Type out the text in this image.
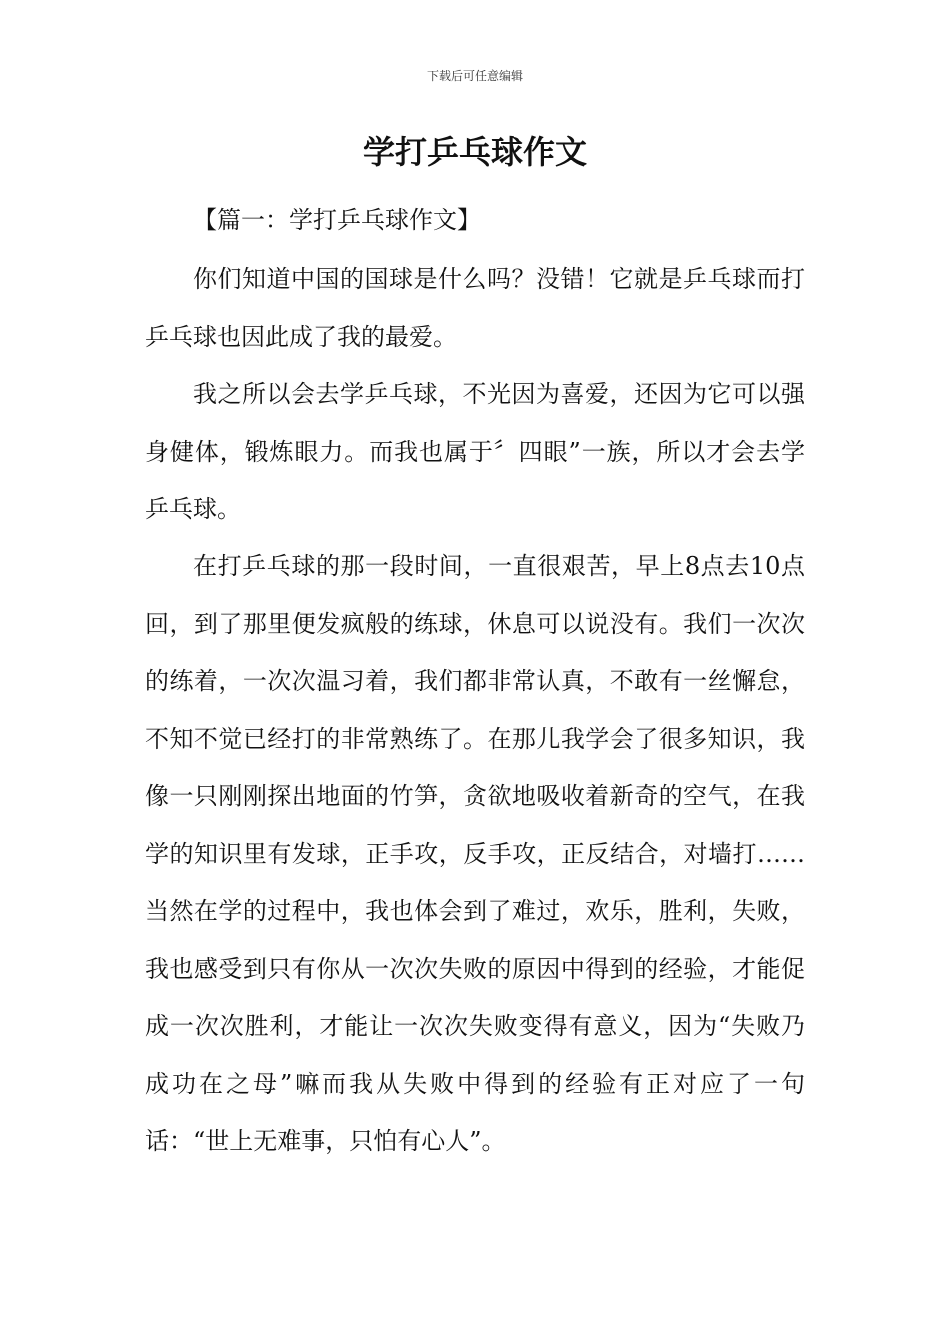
下载后可任意编辑
学打乒乓球作文
【篇一：学打乒乓球作文】

你们知道中国的国球是什么吗？没错！它就是乒乓球而打乒乓球也因此成了我的最爱。

我之所以会去学乒乓球，不光因为喜爱，还因为它可以强身健体，锻炼眼力。而我也属于〞四眼”一族，所以才会去学乒乓球。

在打乒乓球的那一段时间，一直很艰苦，早上8点去10点回，到了那里便发疯般的练球，休息可以说没有。我们一次次的练着，一次次温习着，我们都非常认真，不敢有一丝懈怠，不知不觉已经打的非常熟练了。在那儿我学会了很多知识，我像一只刚刚探出地面的竹笋，贪欲地吸收着新奇的空气，在我学的知识里有发球，正手攻，反手攻，正反结合，对墙打……当然在学的过程中，我也体会到了难过，欢乐，胜利，失败，我也感受到只有你从一次次失败的原因中得到的经验，才能促成一次次胜利，才能让一次次失败变得有意义，因为“失败乃成功在之母”嘛而我从失败中得到的经验有正对应了一句话：“世上无难事，只怕有心人”。
